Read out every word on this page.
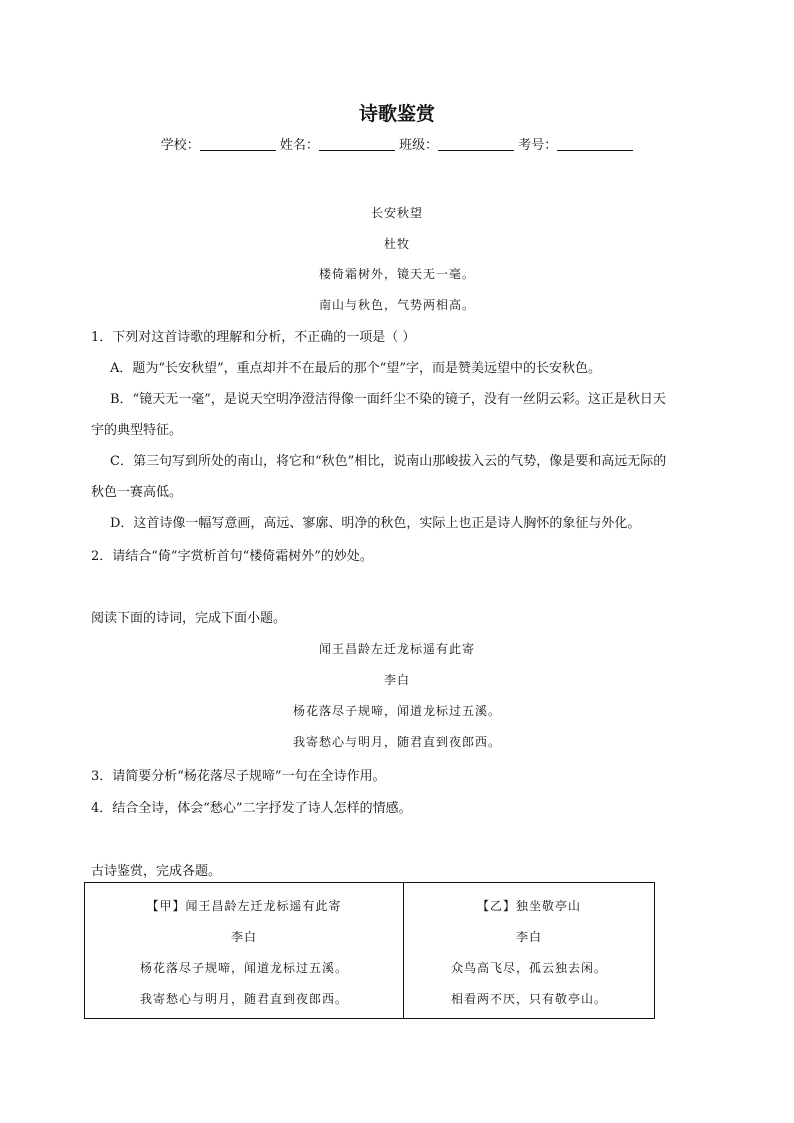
诗歌鉴赏
学校：	姓名：	班级：	考号：
长安秋望
杜牧
楼倚霜树外，镜天无一毫。
南山与秋色，气势两相高。
1．下列对这首诗歌的理解和分析，不正确的一项是（ ）
A．题为“长安秋望”，重点却并不在最后的那个“望”字，而是赞美远望中的长安秋色。
B．“镜天无一毫”，是说天空明净澄洁得像一面纤尘不染的镜子，没有一丝阴云彩。这正是秋日天
宇的典型特征。
C．第三句写到所处的南山，将它和“秋色”相比，说南山那峻拔入云的气势，像是要和高远无际的
秋色一赛高低。
D．这首诗像一幅写意画，高远、寥廓、明净的秋色，实际上也正是诗人胸怀的象征与外化。
2．请结合“倚”字赏析首句“楼倚霜树外”的妙处。
阅读下面的诗词，完成下面小题。
闻王昌龄左迁龙标遥有此寄
李白
杨花落尽子规啼，闻道龙标过五溪。
我寄愁心与明月，随君直到夜郎西。
3．请简要分析“杨花落尽子规啼”一句在全诗作用。
4．结合全诗，体会“愁心”二字抒发了诗人怎样的情感。
古诗鉴赏，完成各题。
【甲】闻王昌龄左迁龙标遥有此寄
李白
杨花落尽子规啼，闻道龙标过五溪。
我寄愁心与明月，随君直到夜郎西。

【乙】独坐敬亭山
李白
众鸟高飞尽，孤云独去闲。
相看两不厌，只有敬亭山。
